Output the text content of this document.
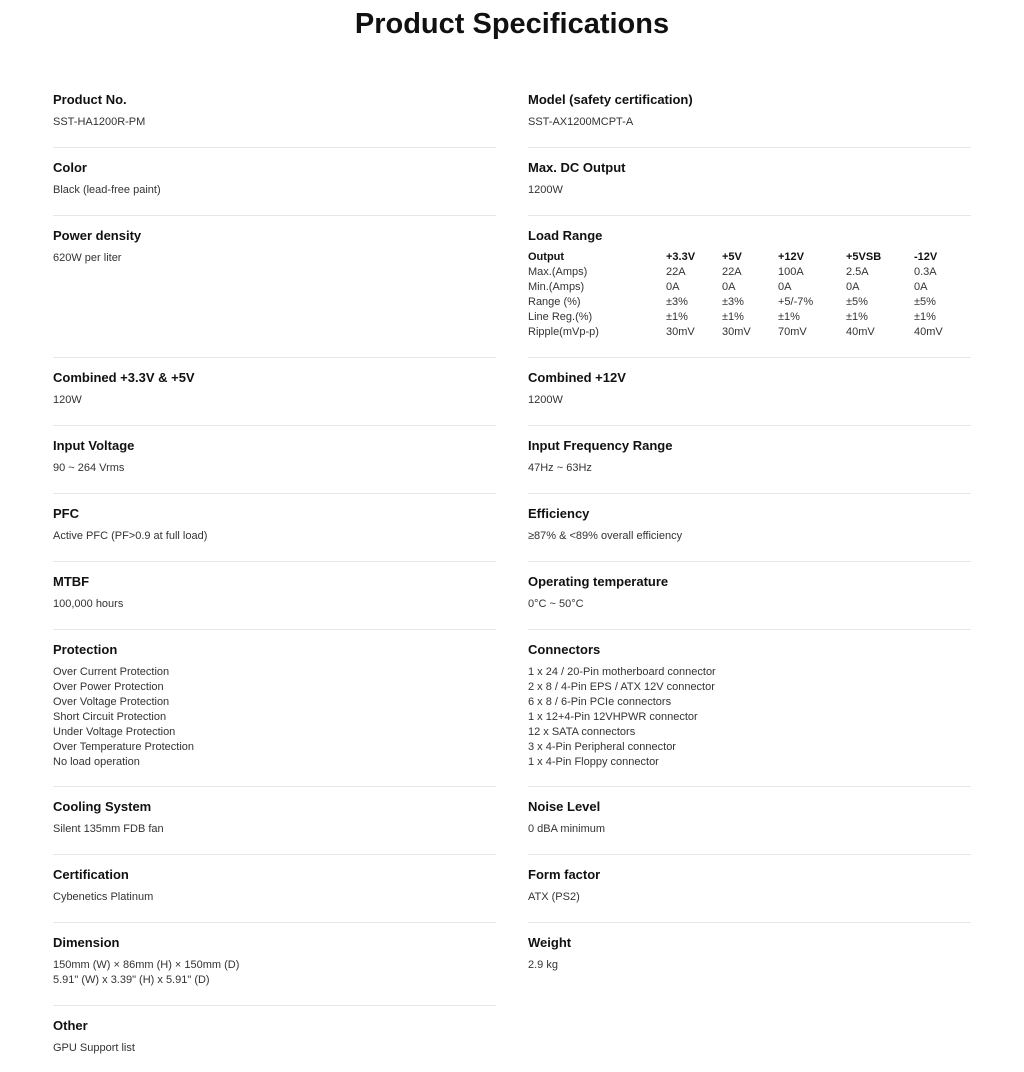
Product Specifications
Product No.
SST-HA1200R-PM
Color
Black (lead-free paint)
Power density
620W per liter
Combined +3.3V & +5V
120W
Input Voltage
90 ~ 264 Vrms
PFC
Active PFC (PF>0.9 at full load)
MTBF
100,000 hours
Protection
Over Current Protection
Over Power Protection
Over Voltage Protection
Short Circuit Protection
Under Voltage Protection
Over Temperature Protection
No load operation
Cooling System
Silent 135mm FDB fan
Certification
Cybenetics Platinum
Dimension
150mm (W) × 86mm (H) × 150mm (D)
5.91" (W) x 3.39" (H) x 5.91" (D)
Other
GPU Support list
Model (safety certification)
SST-AX1200MCPT-A
Max. DC Output
1200W
Load Range
Output	+3.3V	+5V	+12V	+5VSB	-12V
Max.(Amps)	22A	22A	100A	2.5A	0.3A
Min.(Amps)	0A	0A	0A	0A	0A
Range (%)	±3%	±3%	+5/-7%	±5%	±5%
Line Reg.(%)	±1%	±1%	±1%	±1%	±1%
Ripple(mVp-p)	30mV	30mV	70mV	40mV	40mV
Combined +12V
1200W
Input Frequency Range
47Hz ~ 63Hz
Efficiency
≥87% & <89% overall efficiency
Operating temperature
0°C ~ 50°C
Connectors
1 x 24 / 20-Pin motherboard connector
2 x 8 / 4-Pin EPS / ATX 12V connector
6 x 8 / 6-Pin PCIe connectors
1 x 12+4-Pin 12VHPWR connector
12 x SATA connectors
3 x 4-Pin Peripheral connector
1 x 4-Pin Floppy connector
Noise Level
0 dBA minimum
Form factor
ATX (PS2)
Weight
2.9 kg
